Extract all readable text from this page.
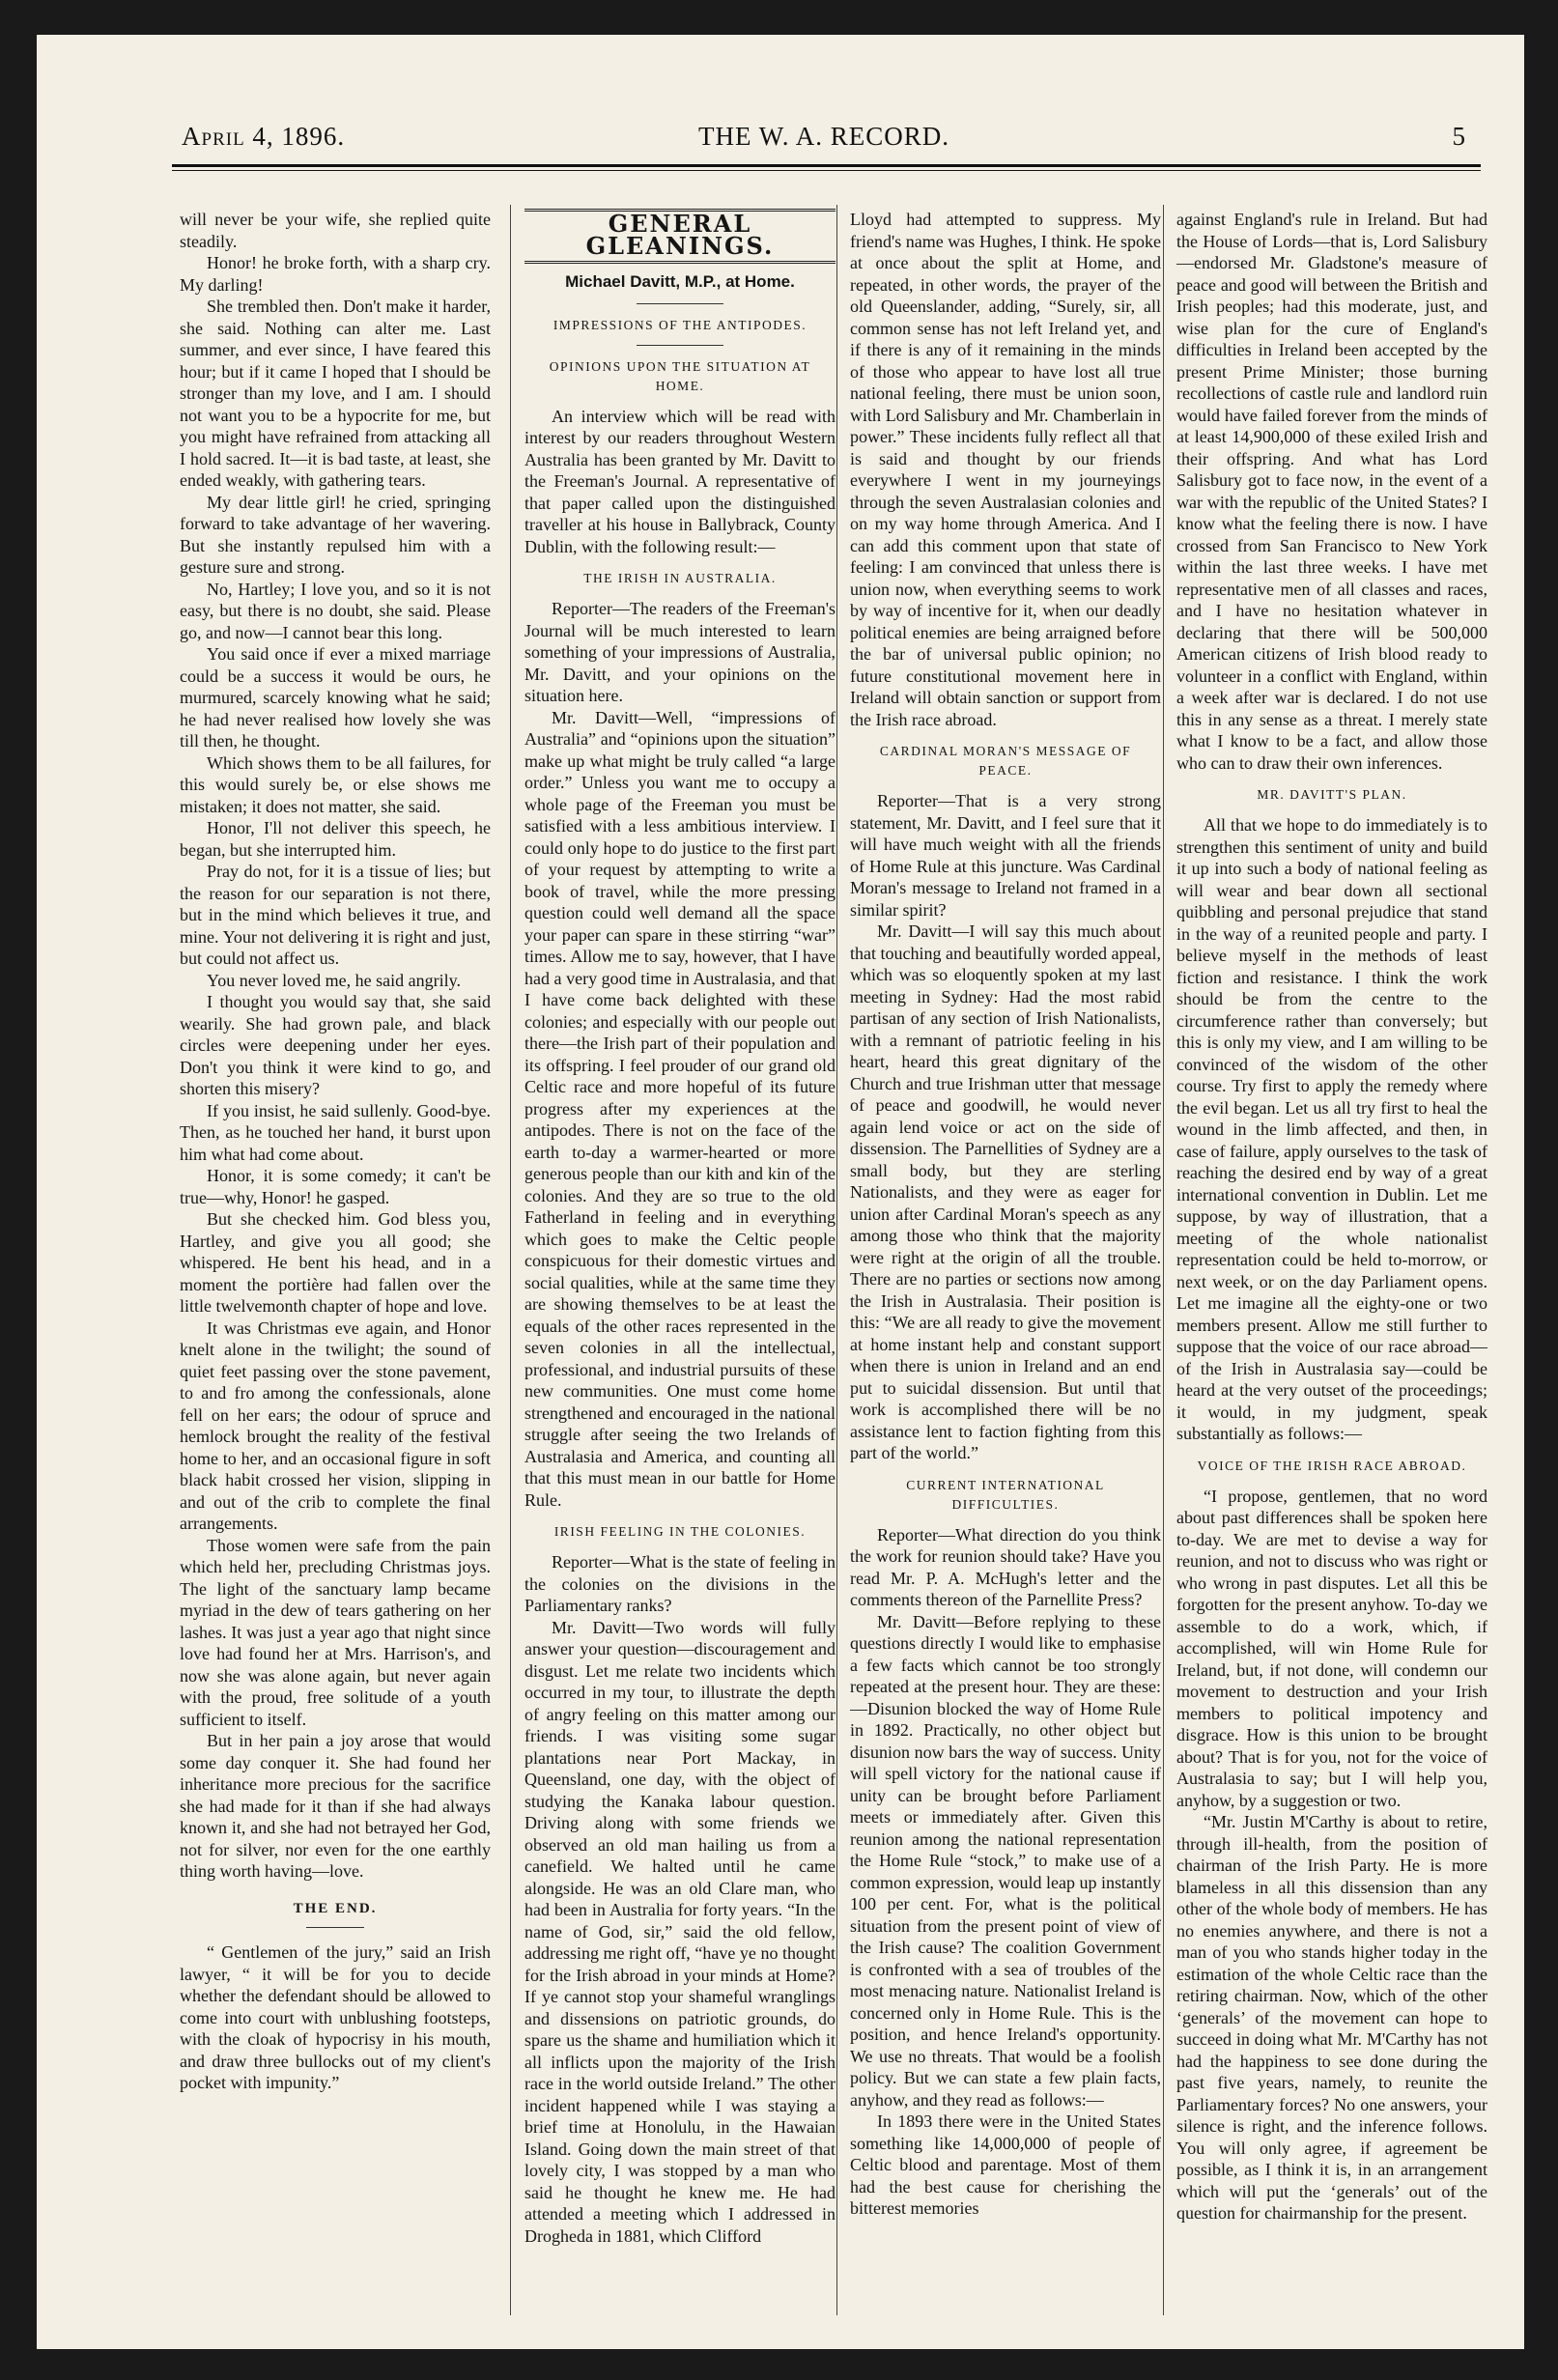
April 4, 1896.	THE W. A. RECORD.	5

will never be your wife, she replied quite steadily.

Honor! he broke forth, with a sharp cry. My darling!

She trembled then. Don't make it harder, she said. Nothing can alter me. Last summer, and ever since, I have feared this hour; but if it came I hoped that I should be stronger than my love, and I am. I should not want you to be a hypocrite for me, but you might have refrained from attacking all I hold sacred. It—it is bad taste, at least, she ended weakly, with gathering tears.

My dear little girl! he cried, springing forward to take advantage of her wavering. But she instantly repulsed him with a gesture sure and strong.

No, Hartley; I love you, and so it is not easy, but there is no doubt, she said. Please go, and now—I cannot bear this long.

You said once if ever a mixed marriage could be a success it would be ours, he murmured, scarcely knowing what he said; he had never realised how lovely she was till then, he thought.

Which shows them to be all failures, for this would surely be, or else shows me mistaken; it does not matter, she said.

Honor, I'll not deliver this speech, he began, but she interrupted him.

Pray do not, for it is a tissue of lies; but the reason for our separation is not there, but in the mind which believes it true, and mine. Your not delivering it is right and just, but could not affect us.

You never loved me, he said angrily.

I thought you would say that, she said wearily. She had grown pale, and black circles were deepening under her eyes. Don't you think it were kind to go, and shorten this misery?

If you insist, he said sullenly. Good-bye. Then, as he touched her hand, it burst upon him what had come about.

Honor, it is some comedy; it can't be true—why, Honor! he gasped.

But she checked him. God bless you, Hartley, and give you all good; she whispered. He bent his head, and in a moment the portière had fallen over the little twelvemonth chapter of hope and love.

It was Christmas eve again, and Honor knelt alone in the twilight; the sound of quiet feet passing over the stone pavement, to and fro among the confessionals, alone fell on her ears; the odour of spruce and hemlock brought the reality of the festival home to her, and an occasional figure in soft black habit crossed her vision, slipping in and out of the crib to complete the final arrangements.

Those women were safe from the pain which held her, precluding Christmas joys. The light of the sanctuary lamp became myriad in the dew of tears gathering on her lashes. It was just a year ago that night since love had found her at Mrs. Harrison's, and now she was alone again, but never again with the proud, free solitude of a youth sufficient to itself.

But in her pain a joy arose that would some day conquer it. She had found her inheritance more precious for the sacrifice she had made for it than if she had always known it, and she had not betrayed her God, not for silver, nor even for the one earthly thing worth having—love.

THE END.

“ Gentlemen of the jury,” said an Irish lawyer, “ it will be for you to decide whether the defendant should be allowed to come into court with unblushing footsteps, with the cloak of hypocrisy in his mouth, and draw three bullocks out of my client's pocket with impunity.”

GENERAL GLEANINGS.
Michael Davitt, M.P., at Home.
IMPRESSIONS OF THE ANTIPODES.
OPINIONS UPON THE SITUATION AT HOME.

An interview which will be read with interest by our readers throughout Western Australia has been granted by Mr. Davitt to the Freeman's Journal. A representative of that paper called upon the distinguished traveller at his house in Ballybrack, County Dublin, with the following result:—

THE IRISH IN AUSTRALIA.

Reporter—The readers of the Freeman's Journal will be much interested to learn something of your impressions of Australia, Mr. Davitt, and your opinions on the situation here.

Mr. Davitt—Well, “impressions of Australia” and “opinions upon the situation” make up what might be truly called “a large order.” Unless you want me to occupy a whole page of the Freeman you must be satisfied with a less ambitious interview. I could only hope to do justice to the first part of your request by attempting to write a book of travel, while the more pressing question could well demand all the space your paper can spare in these stirring “war” times. Allow me to say, however, that I have had a very good time in Australasia, and that I have come back delighted with these colonies; and especially with our people out there—the Irish part of their population and its offspring. I feel prouder of our grand old Celtic race and more hopeful of its future progress after my experiences at the antipodes. There is not on the face of the earth to-day a warmer-hearted or more generous people than our kith and kin of the colonies. And they are so true to the old Fatherland in feeling and in everything which goes to make the Celtic people conspicuous for their domestic virtues and social qualities, while at the same time they are showing themselves to be at least the equals of the other races represented in the seven colonies in all the intellectual, professional, and industrial pursuits of these new communities. One must come home strengthened and encouraged in the national struggle after seeing the two Irelands of Australasia and America, and counting all that this must mean in our battle for Home Rule.

IRISH FEELING IN THE COLONIES.

Reporter—What is the state of feeling in the colonies on the divisions in the Parliamentary ranks?

Mr. Davitt—Two words will fully answer your question—discouragement and disgust. Let me relate two incidents which occurred in my tour, to illustrate the depth of angry feeling on this matter among our friends. I was visiting some sugar plantations near Port Mackay, in Queensland, one day, with the object of studying the Kanaka labour question. Driving along with some friends we observed an old man hailing us from a canefield. We halted until he came alongside. He was an old Clare man, who had been in Australia for forty years. “In the name of God, sir,” said the old fellow, addressing me right off, “have ye no thought for the Irish abroad in your minds at Home? If ye cannot stop your shameful wranglings and dissensions on patriotic grounds, do spare us the shame and humiliation which it all inflicts upon the majority of the Irish race in the world outside Ireland.” The other incident happened while I was staying a brief time at Honolulu, in the Hawaian Island. Going down the main street of that lovely city, I was stopped by a man who said he thought he knew me. He had attended a meeting which I addressed in Drogheda in 1881, which Clifford

Lloyd had attempted to suppress. My friend's name was Hughes, I think. He spoke at once about the split at Home, and repeated, in other words, the prayer of the old Queenslander, adding, “Surely, sir, all common sense has not left Ireland yet, and if there is any of it remaining in the minds of those who appear to have lost all true national feeling, there must be union soon, with Lord Salisbury and Mr. Chamberlain in power.” These incidents fully reflect all that is said and thought by our friends everywhere I went in my journeyings through the seven Australasian colonies and on my way home through America. And I can add this comment upon that state of feeling: I am convinced that unless there is union now, when everything seems to work by way of incentive for it, when our deadly political enemies are being arraigned before the bar of universal public opinion; no future constitutional movement here in Ireland will obtain sanction or support from the Irish race abroad.

CARDINAL MORAN'S MESSAGE OF PEACE.

Reporter—That is a very strong statement, Mr. Davitt, and I feel sure that it will have much weight with all the friends of Home Rule at this juncture. Was Cardinal Moran's message to Ireland not framed in a similar spirit?

Mr. Davitt—I will say this much about that touching and beautifully worded appeal, which was so eloquently spoken at my last meeting in Sydney: Had the most rabid partisan of any section of Irish Nationalists, with a remnant of patriotic feeling in his heart, heard this great dignitary of the Church and true Irishman utter that message of peace and goodwill, he would never again lend voice or act on the side of dissension. The Parnellities of Sydney are a small body, but they are sterling Nationalists, and they were as eager for union after Cardinal Moran's speech as any among those who think that the majority were right at the origin of all the trouble. There are no parties or sections now among the Irish in Australasia. Their position is this: “We are all ready to give the movement at home instant help and constant support when there is union in Ireland and an end put to suicidal dissension. But until that work is accomplished there will be no assistance lent to faction fighting from this part of the world.”

CURRENT INTERNATIONAL DIFFICULTIES.

Reporter—What direction do you think the work for reunion should take? Have you read Mr. P. A. McHugh's letter and the comments thereon of the Parnellite Press?

Mr. Davitt—Before replying to these questions directly I would like to emphasise a few facts which cannot be too strongly repeated at the present hour. They are these:—Disunion blocked the way of Home Rule in 1892. Practically, no other object but disunion now bars the way of success. Unity will spell victory for the national cause if unity can be brought before Parliament meets or immediately after. Given this reunion among the national representation the Home Rule “stock,” to make use of a common expression, would leap up instantly 100 per cent. For, what is the political situation from the present point of view of the Irish cause? The coalition Government is confronted with a sea of troubles of the most menacing nature. Nationalist Ireland is concerned only in Home Rule. This is the position, and hence Ireland's opportunity. We use no threats. That would be a foolish policy. But we can state a few plain facts, anyhow, and they read as follows:—

In 1893 there were in the United States something like 14,000,000 of people of Celtic blood and parentage. Most of them had the best cause for cherishing the bitterest memories

against England's rule in Ireland. But had the House of Lords—that is, Lord Salisbury—endorsed Mr. Gladstone's measure of peace and good will between the British and Irish peoples; had this moderate, just, and wise plan for the cure of England's difficulties in Ireland been accepted by the present Prime Minister; those burning recollections of castle rule and landlord ruin would have failed forever from the minds of at least 14,900,000 of these exiled Irish and their offspring. And what has Lord Salisbury got to face now, in the event of a war with the republic of the United States? I know what the feeling there is now. I have crossed from San Francisco to New York within the last three weeks. I have met representative men of all classes and races, and I have no hesitation whatever in declaring that there will be 500,000 American citizens of Irish blood ready to volunteer in a conflict with England, within a week after war is declared. I do not use this in any sense as a threat. I merely state what I know to be a fact, and allow those who can to draw their own inferences.

MR. DAVITT'S PLAN.

All that we hope to do immediately is to strengthen this sentiment of unity and build it up into such a body of national feeling as will wear and bear down all sectional quibbling and personal prejudice that stand in the way of a reunited people and party. I believe myself in the methods of least fiction and resistance. I think the work should be from the centre to the circumference rather than conversely; but this is only my view, and I am willing to be convinced of the wisdom of the other course. Try first to apply the remedy where the evil began. Let us all try first to heal the wound in the limb affected, and then, in case of failure, apply ourselves to the task of reaching the desired end by way of a great international convention in Dublin. Let me suppose, by way of illustration, that a meeting of the whole nationalist representation could be held to-morrow, or next week, or on the day Parliament opens. Let me imagine all the eighty-one or two members present. Allow me still further to suppose that the voice of our race abroad—of the Irish in Australasia say—could be heard at the very outset of the proceedings; it would, in my judgment, speak substantially as follows:—

VOICE OF THE IRISH RACE ABROAD.

“I propose, gentlemen, that no word about past differences shall be spoken here to-day. We are met to devise a way for reunion, and not to discuss who was right or who wrong in past disputes. Let all this be forgotten for the present anyhow. To-day we assemble to do a work, which, if accomplished, will win Home Rule for Ireland, but, if not done, will condemn our movement to destruction and your Irish members to political impotency and disgrace. How is this union to be brought about? That is for you, not for the voice of Australasia to say; but I will help you, anyhow, by a suggestion or two.

“Mr. Justin M'Carthy is about to retire, through ill-health, from the position of chairman of the Irish Party. He is more blameless in all this dissension than any other of the whole body of members. He has no enemies anywhere, and there is not a man of you who stands higher today in the estimation of the whole Celtic race than the retiring chairman. Now, which of the other ‘generals’ of the movement can hope to succeed in doing what Mr. M'Carthy has not had the happiness to see done during the past five years, namely, to reunite the Parliamentary forces? No one answers, your silence is right, and the inference follows. You will only agree, if agreement be possible, as I think it is, in an arrangement which will put the ‘generals’ out of the question for chairmanship for the present.
